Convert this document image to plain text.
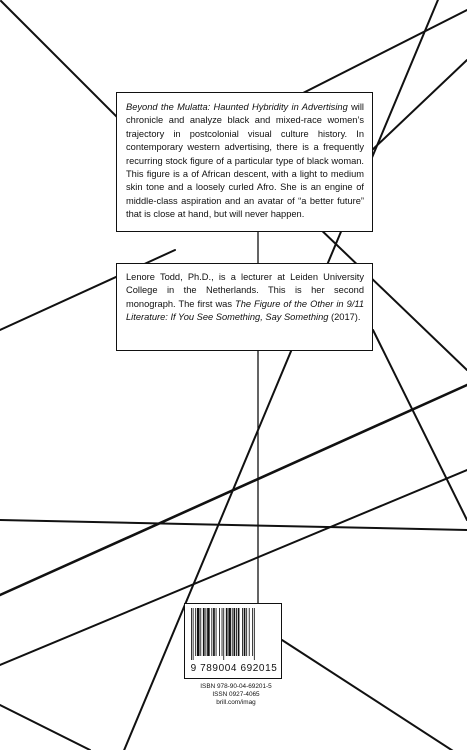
Beyond the Mulatta: Haunted Hybridity in Advertising will chronicle and analyze black and mixed-race women’s trajectory in postcolonial visual culture history. In contemporary western advertising, there is a frequently recurring stock figure of a particular type of black woman. This figure is a of African descent, with a light to medium skin tone and a loosely curled Afro. She is an engine of middle-class aspiration and an avatar of “a better future” that is close at hand, but will never happen.

Lenore Todd, Ph.D., is a lecturer at Leiden University College in the Netherlands. This is her second monograph. The first was The Figure of the Other in 9/11 Literature: If You See Something, Say Something (2017).

9 789004 692015
ISBN 978-90-04-69201-5
ISSN 0927-4065
brill.com/imag
